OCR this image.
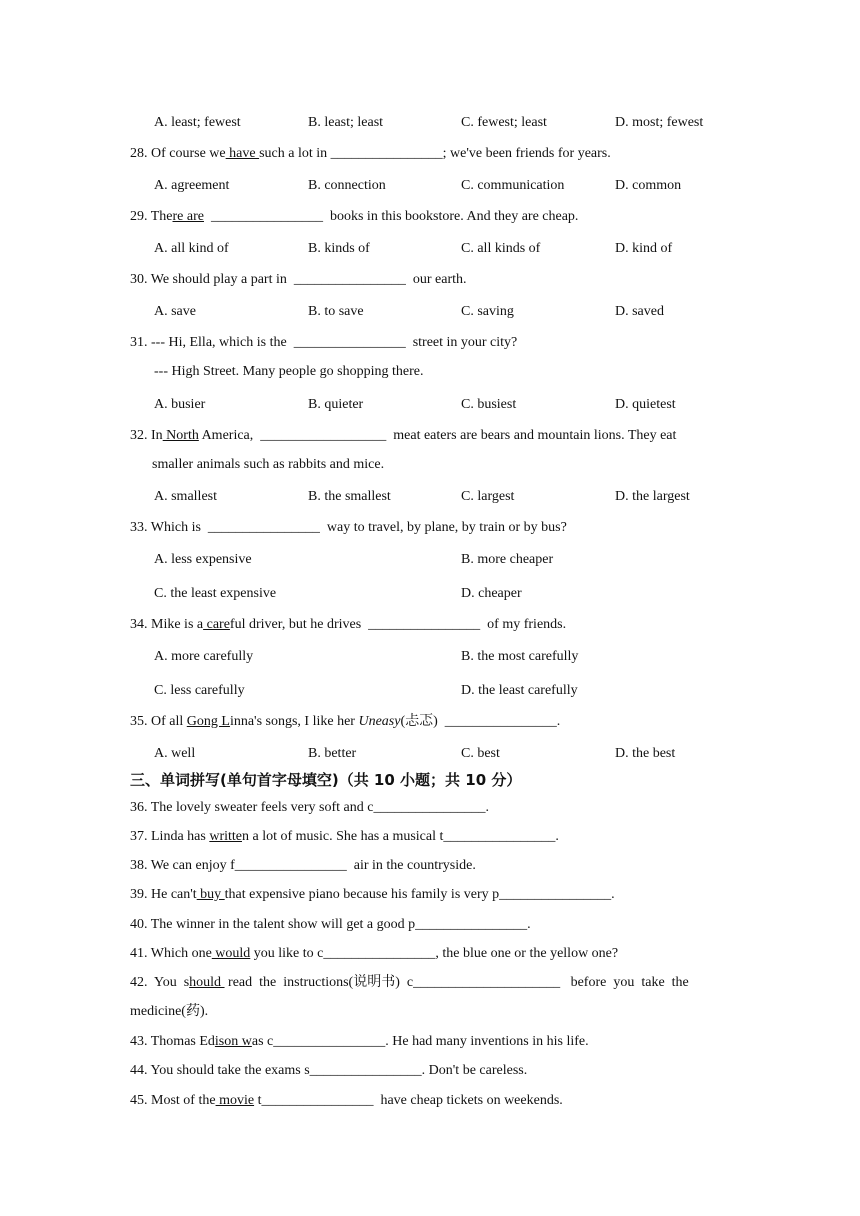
A. least; fewest	B. least; least	C. fewest; least	D. most; fewest
28. Of course we have such a lot in ________________; we've been friends for years.
A. agreement	B. connection	C. communication	D. common
29. There are ________________  books in this bookstore. And they are cheap.
A. all kind of	B. kinds of	C. all kinds of	D. kind of
30. We should play a part in  ________________  our earth.
A. save	B. to save	C. saving	D. saved
31. --- Hi, Ella, which is the  ________________  street in your city?
--- High Street. Many people go shopping there.
A. busier	B. quieter	C. busiest	D. quietest
32. In North America,  __________________  meat eaters are bears and mountain lions. They eat
smaller animals such as rabbits and mice.
A. smallest	B. the smallest	C. largest	D. the largest
33. Which is  ________________  way to travel, by plane, by train or by bus?
A. less expensive	B. more cheaper
C. the least expensive	D. cheaper
34. Mike is a careful driver, but he drives  ________________  of my friends.
A. more carefully	B. the most carefully
C. less carefully	D. the least carefully
35. Of all Gong Linna's songs, I like her Uneasy(忐忑)  ________________.
A. well	B. better	C. best	D. the best
三、单词拼写(单句首字母填空)（共 10 小题；共 10 分）
36. The lovely sweater feels very soft and c________________.
37. Linda has written a lot of music. She has a musical t________________.
38. We can enjoy f________________  air in the countryside.
39. He can't buy that expensive piano because his family is very p________________.
40. The winner in the talent show will get a good p________________.
41. Which one would you like to c________________, the blue one or the yellow one?
42.  You  should  read  the  instructions(说明书)  c_____________________   before  you  take  the
medicine(药).
43. Thomas Edison was c________________. He had many inventions in his life.
44. You should take the exams s________________. Don't be careless.
45. Most of the movie t________________  have cheap tickets on weekends.
